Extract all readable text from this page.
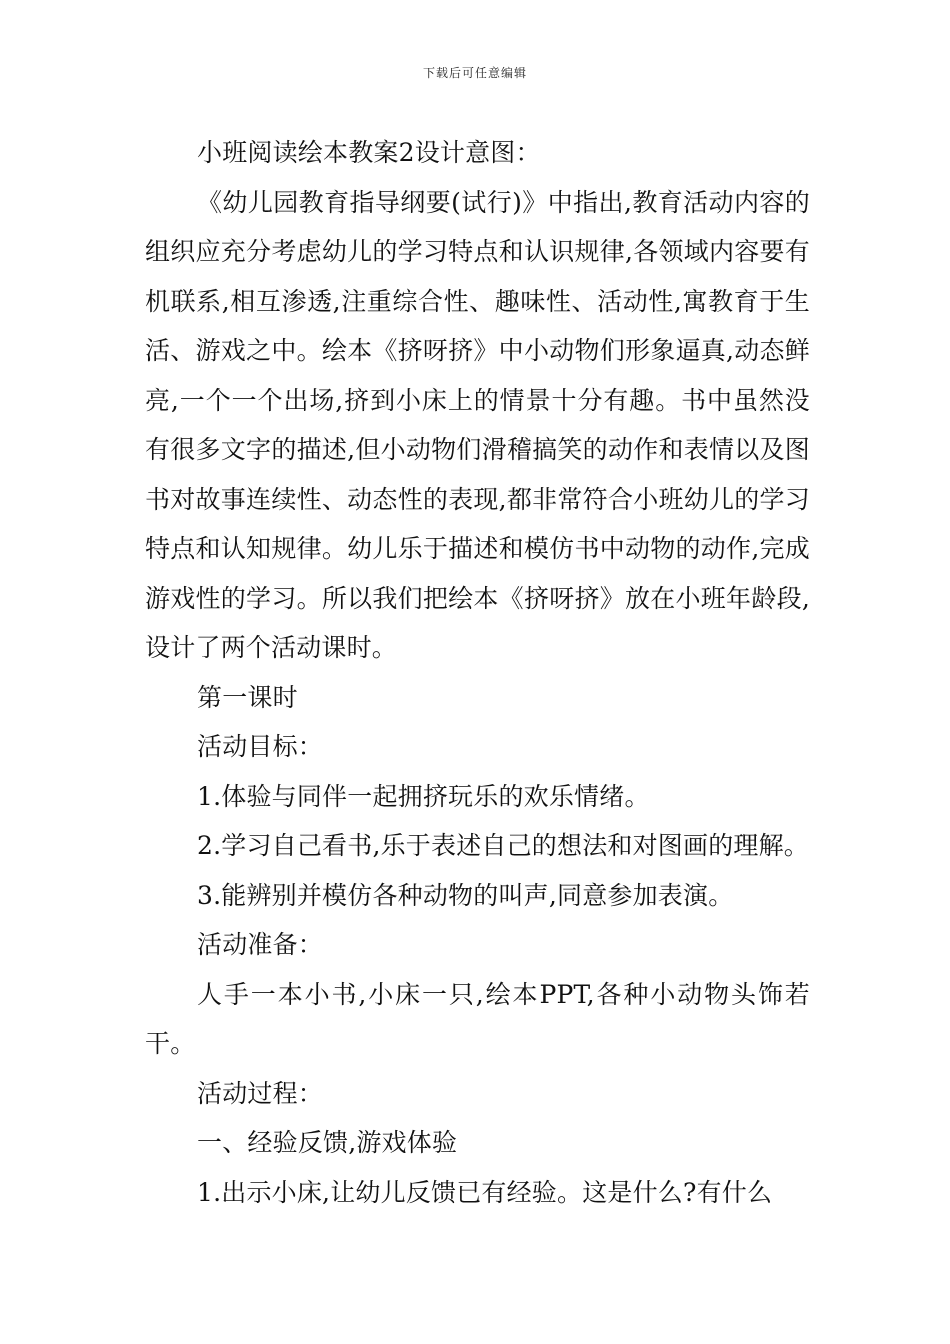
下载后可任意编辑

小班阅读绘本教案2设计意图：

《幼儿园教育指导纲要(试行)》中指出,教育活动内容的组织应充分考虑幼儿的学习特点和认识规律,各领域内容要有机联系,相互渗透,注重综合性、趣味性、活动性,寓教育于生活、游戏之中。绘本《挤呀挤》中小动物们形象逼真,动态鲜亮,一个一个出场,挤到小床上的情景十分有趣。书中虽然没有很多文字的描述,但小动物们滑稽搞笑的动作和表情以及图书对故事连续性、动态性的表现,都非常符合小班幼儿的学习特点和认知规律。幼儿乐于描述和模仿书中动物的动作,完成游戏性的学习。所以我们把绘本《挤呀挤》放在小班年龄段,设计了两个活动课时。

第一课时

活动目标：

1.体验与同伴一起拥挤玩乐的欢乐情绪。

2.学习自己看书,乐于表述自己的想法和对图画的理解。

3.能辨别并模仿各种动物的叫声,同意参加表演。

活动准备：

人手一本小书,小床一只,绘本PPT,各种小动物头饰若干。

活动过程：

一、经验反馈,游戏体验

1.出示小床,让幼儿反馈已有经验。这是什么?有什么
